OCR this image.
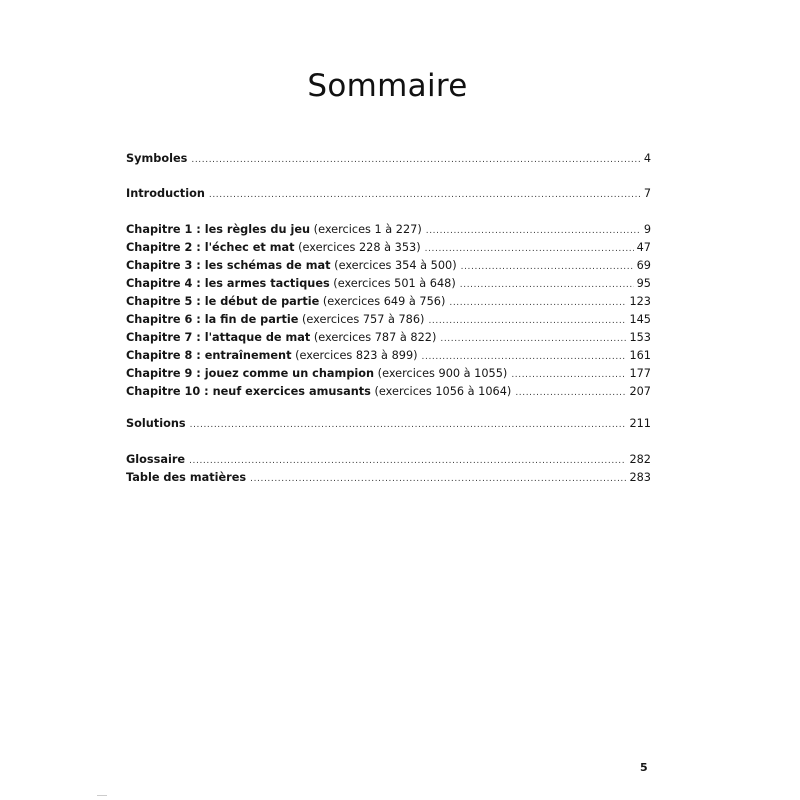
Sommaire
Symboles .....	4
Introduction .....	7
Chapitre 1 : les règles du jeu (exercices 1 à 227) .....	9
Chapitre 2 : l'échec et mat (exercices 228 à 353) .....	47
Chapitre 3 : les schémas de mat (exercices 354 à 500) .....	69
Chapitre 4 : les armes tactiques (exercices 501 à 648) .....	95
Chapitre 5 : le début de partie (exercices 649 à 756) .....	123
Chapitre 6 : la fin de partie (exercices 757 à 786) .....	145
Chapitre 7 : l'attaque de mat (exercices 787 à 822) .....	153
Chapitre 8 : entraînement (exercices 823 à 899) .....	161
Chapitre 9 : jouez comme un champion (exercices 900 à 1055) .....	177
Chapitre 10 : neuf exercices amusants (exercices 1056 à 1064) .....	207
Solutions .....	211
Glossaire .....	282
Table des matières .....	283
5
